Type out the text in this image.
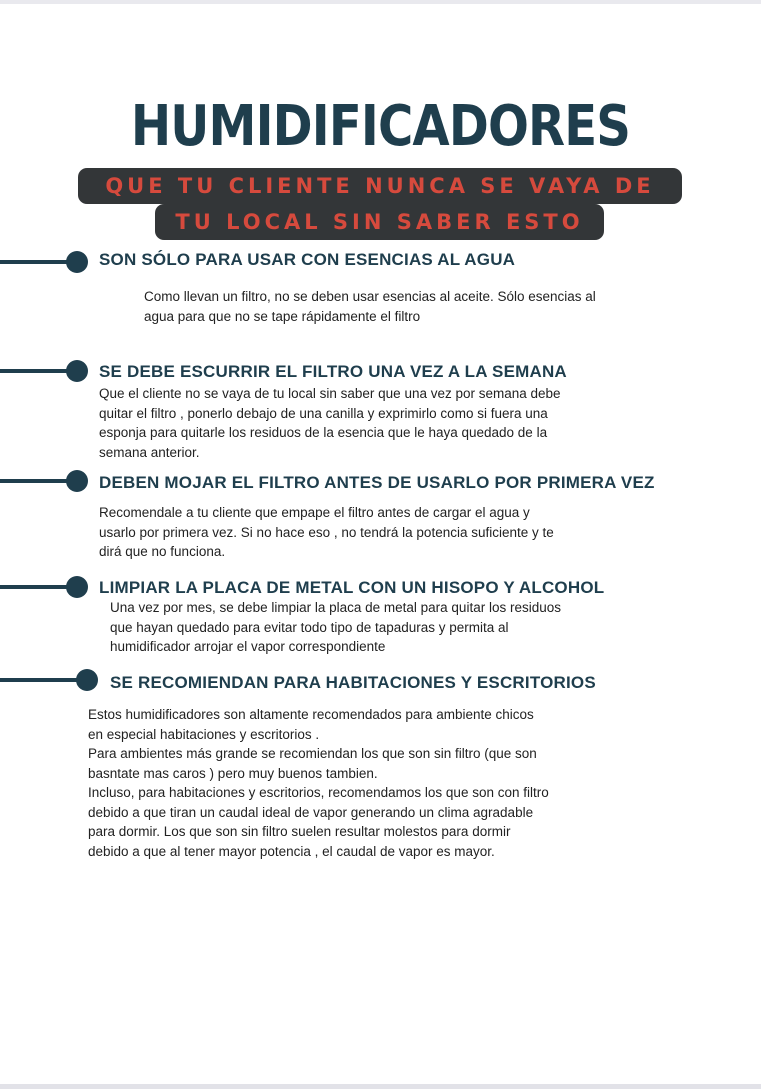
HUMIDIFICADORES
QUE TU CLIENTE NUNCA SE VAYA DE
TU LOCAL SIN SABER ESTO
SON SÓLO PARA USAR CON ESENCIAS AL AGUA

Como llevan un filtro, no se deben usar esencias al aceite. Sólo esencias al
agua para que no se tape rápidamente el filtro

SE DEBE ESCURRIR EL FILTRO UNA VEZ A LA SEMANA

Que el cliente no se vaya de tu local sin saber que una vez por semana debe
quitar el filtro , ponerlo debajo de una canilla y exprimirlo como si fuera una
esponja para quitarle los residuos de la esencia que le haya quedado de la
semana anterior.

DEBEN MOJAR EL FILTRO ANTES DE USARLO POR PRIMERA VEZ

Recomendale a tu cliente que empape el filtro antes de cargar el agua y
usarlo por primera vez. Si no hace eso , no tendrá la potencia suficiente y te
dirá que no funciona.

LIMPIAR LA PLACA DE METAL CON UN HISOPO Y ALCOHOL

Una vez por mes, se debe limpiar la placa de metal para quitar los residuos
que hayan quedado para evitar todo tipo de tapaduras y permita al
humidificador arrojar el vapor correspondiente

SE RECOMIENDAN PARA HABITACIONES Y ESCRITORIOS

Estos humidificadores son altamente recomendados para ambiente chicos
en especial habitaciones y escritorios .
Para ambientes más grande se recomiendan los que son sin filtro (que son
basntate mas caros ) pero muy buenos tambien.
Incluso, para habitaciones y escritorios, recomendamos los que son con filtro
debido a que tiran un caudal ideal de vapor generando un clima agradable
para dormir. Los que son sin filtro suelen resultar molestos para dormir
debido a que al tener mayor potencia , el caudal de vapor es mayor.
